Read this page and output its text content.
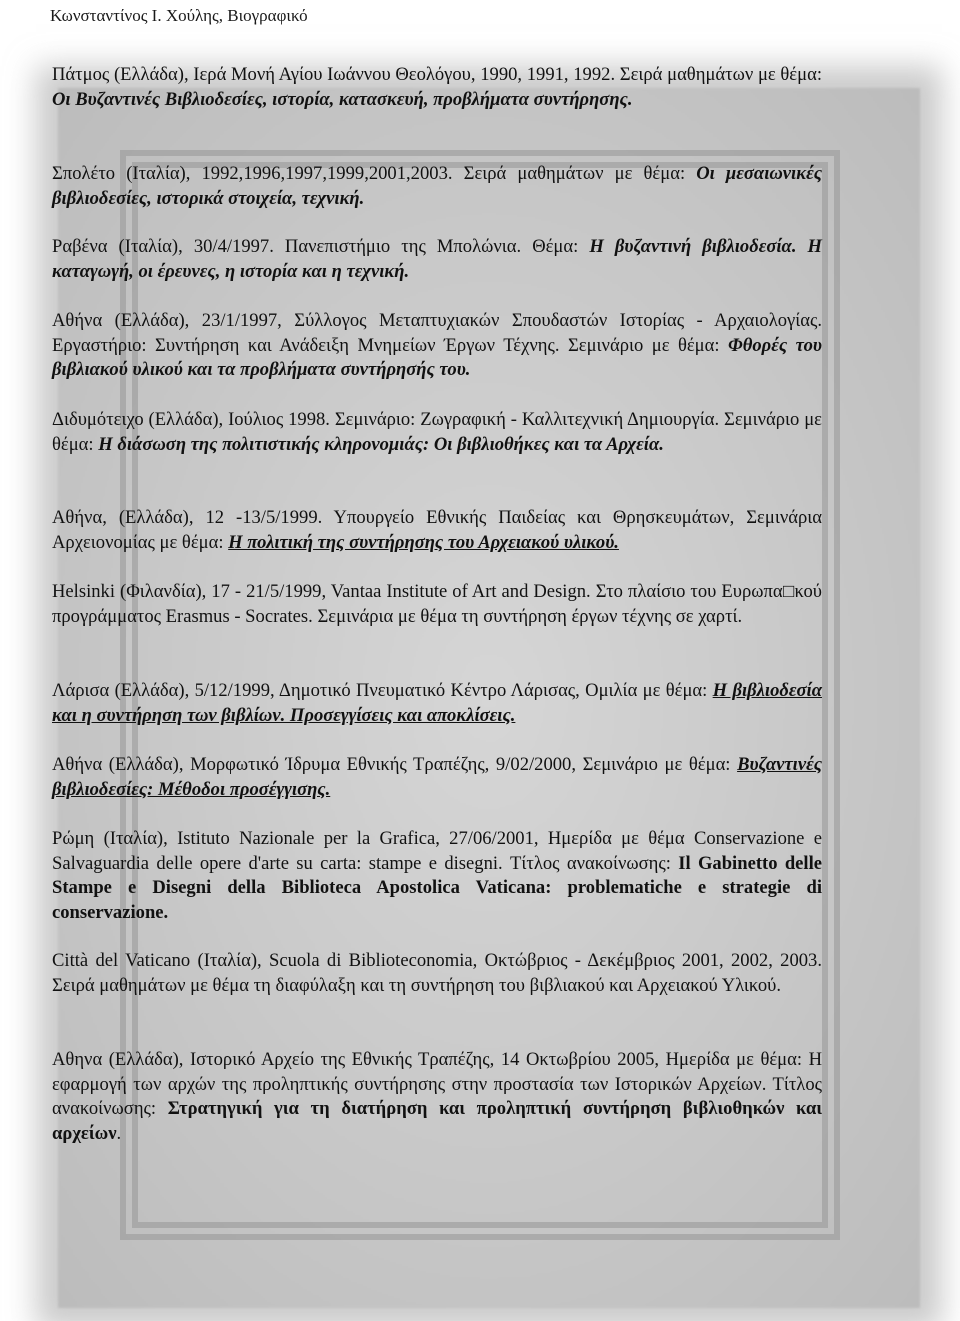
Κωνσταντίνος Ι. Χούλης, Βιογραφικό

Πάτμος (Ελλάδα), Ιερά Μονή Αγίου Ιωάννου Θεολόγου, 1990, 1991, 1992. Σειρά μαθημάτων με θέμα: Οι Βυζαντινές Βιβλιοδεσίες, ιστορία, κατασκευή, προβλήματα συντήρησης.

Σπολέτο (Ιταλία), 1992,1996,1997,1999,2001,2003. Σειρά μαθημάτων με θέμα: Οι μεσαιωνικές βιβλιοδεσίες, ιστορικά στοιχεία, τεχνική.

Ραβένα (Ιταλία), 30/4/1997. Πανεπιστήμιο της Μπολώνια. Θέμα: Η βυζαντινή βιβλιοδεσία. Η καταγωγή, οι έρευνες, η ιστορία και η τεχνική.

Αθήνα (Ελλάδα), 23/1/1997, Σύλλογος Μεταπτυχιακών Σπουδαστών Ιστορίας - Αρχαιολογίας. Εργαστήριο: Συντήρηση και Ανάδειξη Μνημείων Έργων Τέχνης. Σεμινάριο με θέμα: Φθορές του βιβλιακού υλικού και τα προβλήματα συντήρησής του.

Διδυμότειχο (Ελλάδα), Ιούλιος 1998. Σεμινάριο: Ζωγραφική - Καλλιτεχνική Δημιουργία. Σεμινάριο με θέμα: Η διάσωση της πολιτιστικής κληρονομιάς: Οι βιβλιοθήκες και τα Αρχεία.

Αθήνα, (Ελλάδα), 12 -13/5/1999. Υπουργείο Εθνικής Παιδείας και Θρησκευμάτων, Σεμινάρια Αρχειονομίας με θέμα: Η πολιτική της συντήρησης του Αρχειακού υλικού.

Helsinki (Φιλανδία), 17 - 21/5/1999, Vantaa Institute of Art and Design. Στο πλαίσιο του Ευρωπα□κού προγράμματος Erasmus - Socrates. Σεμινάρια με θέμα τη συντήρηση έργων τέχνης σε χαρτί.

Λάρισα (Ελλάδα), 5/12/1999, Δημοτικό Πνευματικό Κέντρο Λάρισας, Ομιλία με θέμα: Η βιβλιοδεσία και η συντήρηση των βιβλίων. Προσεγγίσεις και αποκλίσεις.

Αθήνα (Ελλάδα), Μορφωτικό Ίδρυμα Εθνικής Τραπέζης, 9/02/2000, Σεμινάριο με θέμα: Βυζαντινές βιβλιοδεσίες: Μέθοδοι προσέγγισης.

Ρώμη (Ιταλία), Istituto Nazionale per la Grafica, 27/06/2001, Ημερίδα με θέμα Conservazione e Salvaguardia delle opere d'arte su carta: stampe e disegni. Τίτλος ανακοίνωσης: Il Gabinetto delle Stampe e Disegni della Biblioteca Apostolica Vaticana: problematiche e strategie di conservazione.

Città del Vaticano (Ιταλία), Scuola di Biblioteconomia, Οκτώβριος - Δεκέμβριος 2001, 2002, 2003. Σειρά μαθημάτων με θέμα τη διαφύλαξη και τη συντήρηση του βιβλιακού και Αρχειακού Υλικού.

Αθηνα (Ελλάδα), Ιστορικό Αρχείο της Εθνικής Τραπέζης, 14 Οκτωβρίου 2005, Ημερίδα με θέμα: Η εφαρμογή των αρχών της προληπτικής συντήρησης στην προστασία των Ιστορικών Αρχείων. Τίτλος ανακοίνωσης: Στρατηγική για τη διατήρηση και προληπτική συντήρηση βιβλιοθηκών και αρχείων.
